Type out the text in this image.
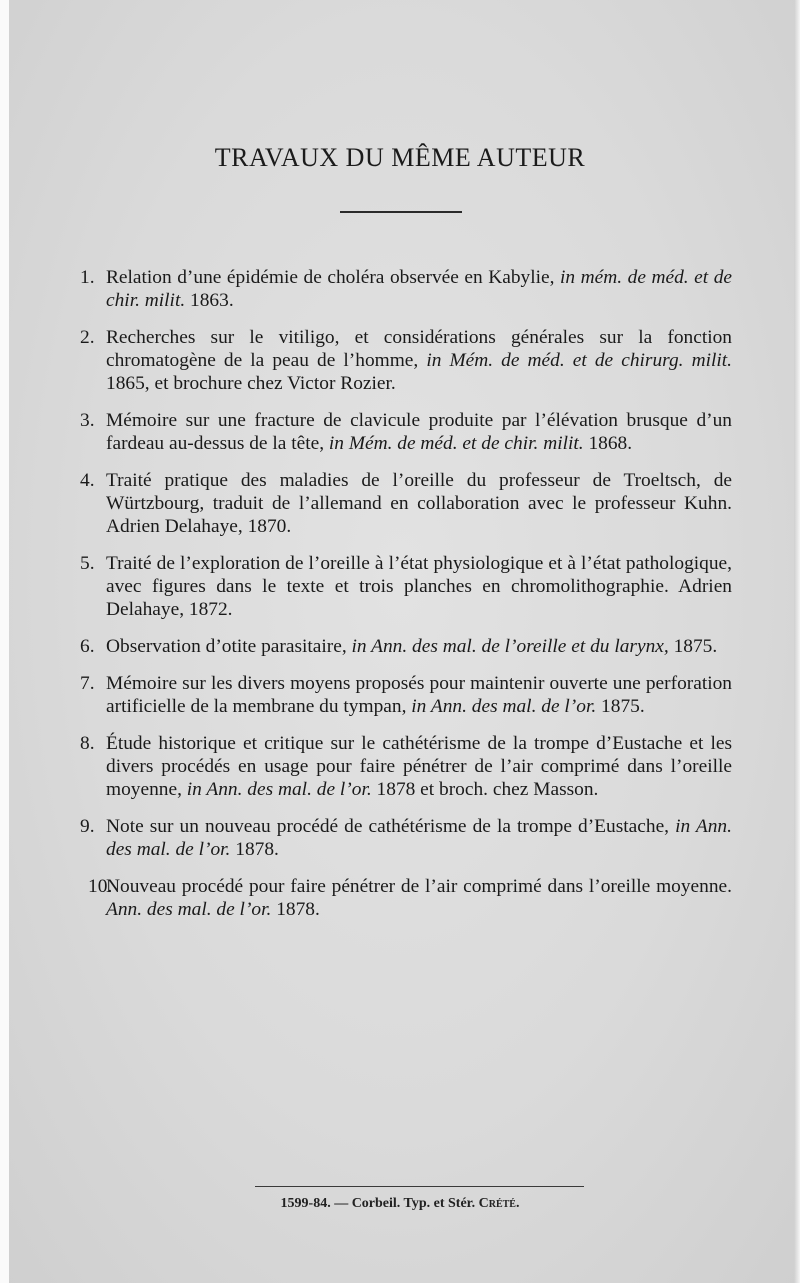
TRAVAUX DU MÊME AUTEUR
1. Relation d’une épidémie de choléra observée en Kabylie, in mém. de méd. et de chir. milit. 1863.
2. Recherches sur le vitiligo, et considérations générales sur la fonction chromatogène de la peau de l’homme, in Mém. de méd. et de chirurg. milit. 1865, et brochure chez Victor Rozier.
3. Mémoire sur une fracture de clavicule produite par l’élévation brusque d’un fardeau au-dessus de la tête, in Mém. de méd. et de chir. milit. 1868.
4. Traité pratique des maladies de l’oreille du professeur de Troeltsch, de Würtzbourg, traduit de l’allemand en collaboration avec le professeur Kuhn. Adrien Delahaye, 1870.
5. Traité de l’exploration de l’oreille à l’état physiologique et à l’état pathologique, avec figures dans le texte et trois planches en chromolithographie. Adrien Delahaye, 1872.
6. Observation d’otite parasitaire, in Ann. des mal. de l’oreille et du larynx, 1875.
7. Mémoire sur les divers moyens proposés pour maintenir ouverte une perforation artificielle de la membrane du tympan, in Ann. des mal. de l’or. 1875.
8. Étude historique et critique sur le cathétérisme de la trompe d’Eustache et les divers procédés en usage pour faire pénétrer de l’air comprimé dans l’oreille moyenne, in Ann. des mal. de l’or. 1878 et broch. chez Masson.
9. Note sur un nouveau procédé de cathétérisme de la trompe d’Eustache, in Ann. des mal. de l’or. 1878.
10.
Nouveau procédé pour faire pénétrer de l’air comprimé dans l’oreille moyenne. Ann. des mal. de l’or. 1878.
1599-84. — Corbeil. Typ. et Stér. Crété.
